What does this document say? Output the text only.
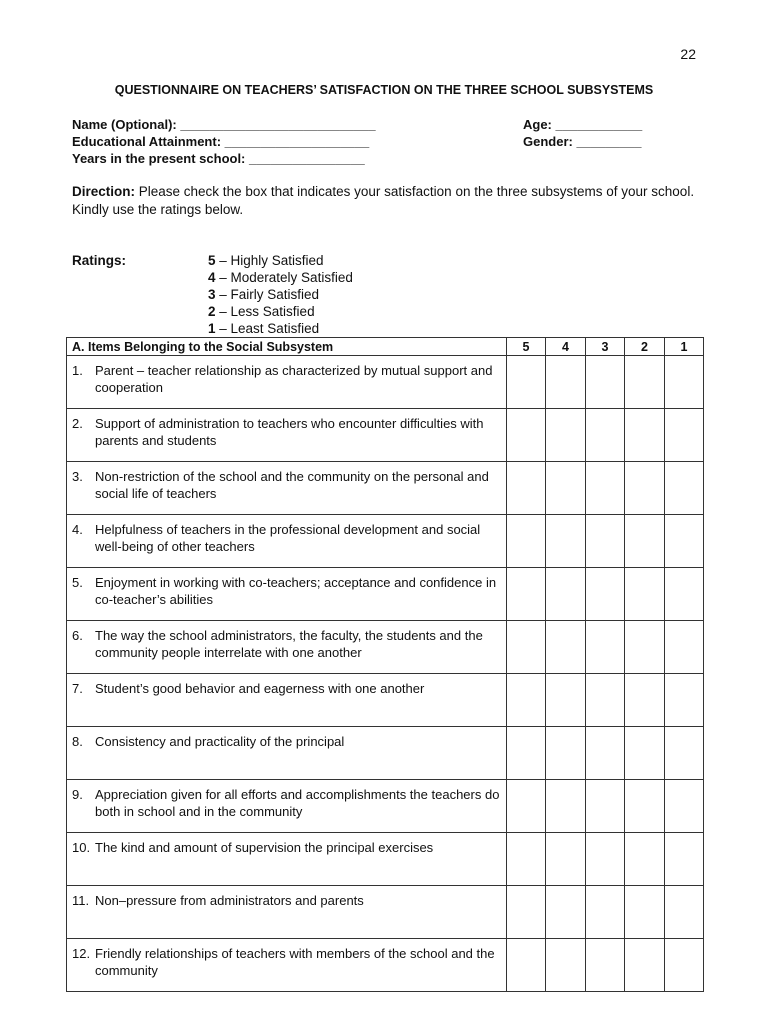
22
QUESTIONNAIRE ON TEACHERS’ SATISFACTION ON THE THREE SCHOOL SUBSYSTEMS
Name (Optional): ___________________________
Educational Attainment: ____________________
Years in the present school: ________________
Age: ____________
Gender: _________
Direction: Please check the box that indicates your satisfaction on the three subsystems of your school. Kindly use the ratings below.
Ratings:	5 – Highly Satisfied
4 – Moderately Satisfied
3 – Fairly Satisfied
2 – Less Satisfied
1 – Least Satisfied
A. Items Belonging to the Social Subsystem	5	4	3	2	1

1. Parent – teacher relationship as characterized by mutual support and cooperation					

2. Support of administration to teachers who encounter difficulties with parents and students					

3. Non-restriction of the school and the community on the personal and social life of teachers					

4. Helpfulness of teachers in the professional development and social well-being of other teachers					

5. Enjoyment in working with co-teachers; acceptance and confidence in co-teacher’s abilities					

6. The way the school administrators, the faculty, the students and the community people interrelate with one another					

7. Student’s good behavior and eagerness with one another					

8. Consistency and practicality of the principal					

9. Appreciation given for all efforts and accomplishments the teachers do both in school and in the community					

10. The kind and amount of supervision the principal exercises					

11. Non–pressure from administrators and parents					

12. Friendly relationships of teachers with members of the school and the community					
